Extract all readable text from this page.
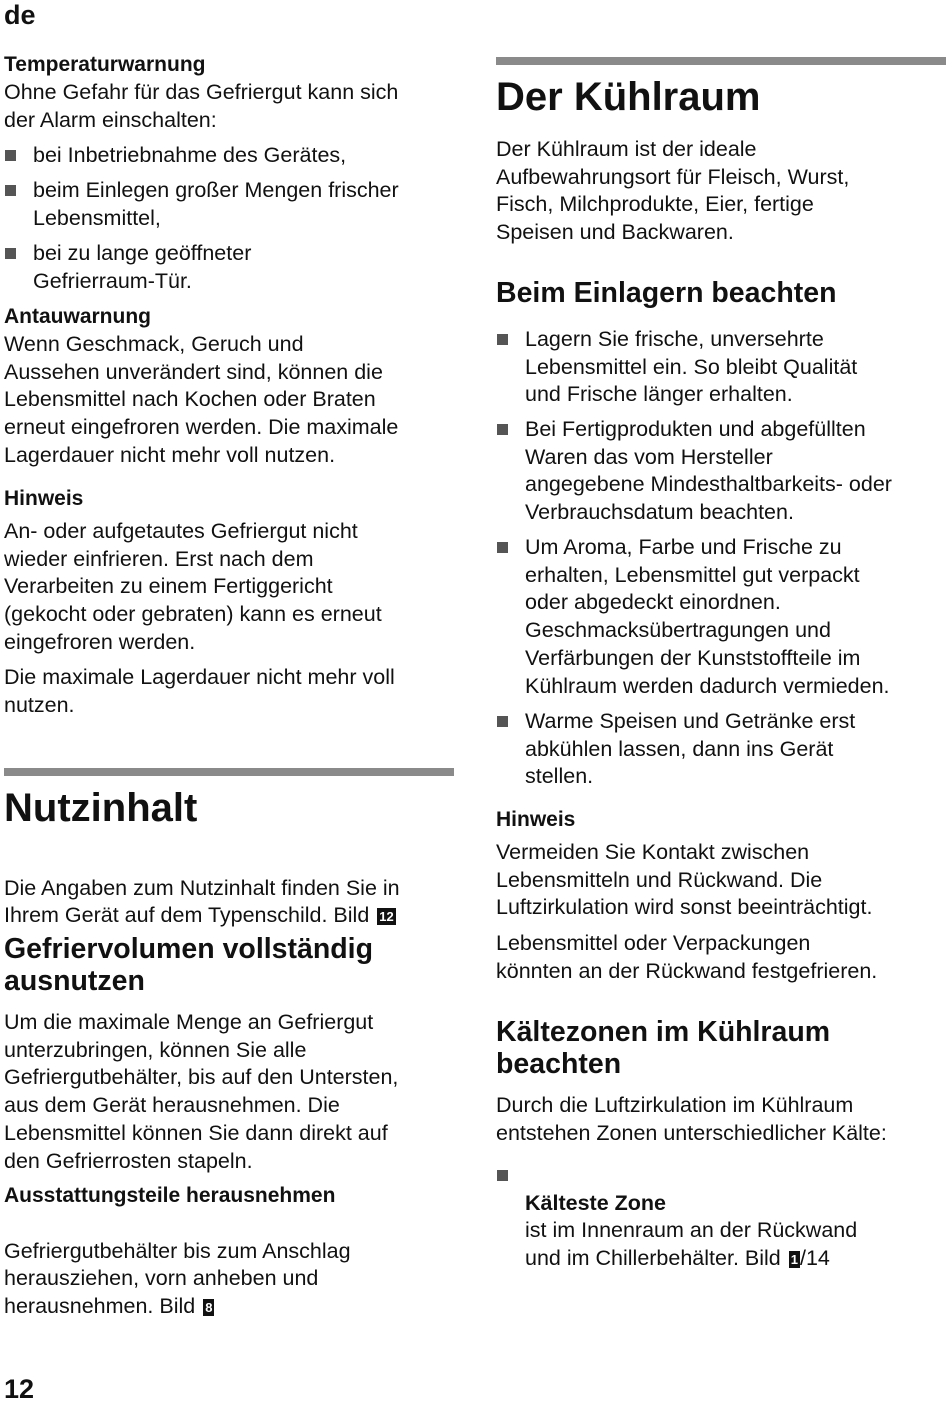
de
Temperaturwarnung
Ohne Gefahr für das Gefriergut kann sich
der Alarm einschalten:
bei Inbetriebnahme des Gerätes,
beim Einlegen großer Mengen frischer
Lebensmittel,
bei zu lange geöffneter
Gefrierraum-Tür.
Antauwarnung
Wenn Geschmack, Geruch und
Aussehen unverändert sind, können die
Lebensmittel nach Kochen oder Braten
erneut eingefroren werden. Die maximale
Lagerdauer nicht mehr voll nutzen.
Hinweis
An- oder aufgetautes Gefriergut nicht
wieder einfrieren. Erst nach dem
Verarbeiten zu einem Fertiggericht
(gekocht oder gebraten) kann es erneut
eingefroren werden.
Die maximale Lagerdauer nicht mehr voll
nutzen.
Nutzinhalt

Die Angaben zum Nutzinhalt finden Sie in
Ihrem Gerät auf dem Typenschild. Bild 12

Gefriervolumen vollständig
ausnutzen
Um die maximale Menge an Gefriergut
unterzubringen, können Sie alle
Gefriergutbehälter, bis auf den Untersten,
aus dem Gerät herausnehmen. Die
Lebensmittel können Sie dann direkt auf
den Gefrierrosten stapeln.
Ausstattungsteile herausnehmen

Gefriergutbehälter bis zum Anschlag
herausziehen, vorn anheben und
herausnehmen. Bild 8

Der Kühlraum
Der Kühlraum ist der ideale
Aufbewahrungsort für Fleisch, Wurst,
Fisch, Milchprodukte, Eier, fertige
Speisen und Backwaren.
Beim Einlagern beachten
Lagern Sie frische, unversehrte
Lebensmittel ein. So bleibt Qualität
und Frische länger erhalten.
Bei Fertigprodukten und abgefüllten
Waren das vom Hersteller
angegebene Mindesthaltbarkeits- oder
Verbrauchsdatum beachten.
Um Aroma, Farbe und Frische zu
erhalten, Lebensmittel gut verpackt
oder abgedeckt einordnen.
Geschmacksübertragungen und
Verfärbungen der Kunststoffteile im
Kühlraum werden dadurch vermieden.
Warme Speisen und Getränke erst
abkühlen lassen, dann ins Gerät
stellen.
Hinweis
Vermeiden Sie Kontakt zwischen
Lebensmitteln und Rückwand. Die
Luftzirkulation wird sonst beeinträchtigt.
Lebensmittel oder Verpackungen
könnten an der Rückwand festgefrieren.
Kältezonen im Kühlraum
beachten
Durch die Luftzirkulation im Kühlraum
entstehen Zonen unterschiedlicher Kälte:

Kälteste Zone
ist im Innenraum an der Rückwand
und im Chillerbehälter. Bild 1/14

12
